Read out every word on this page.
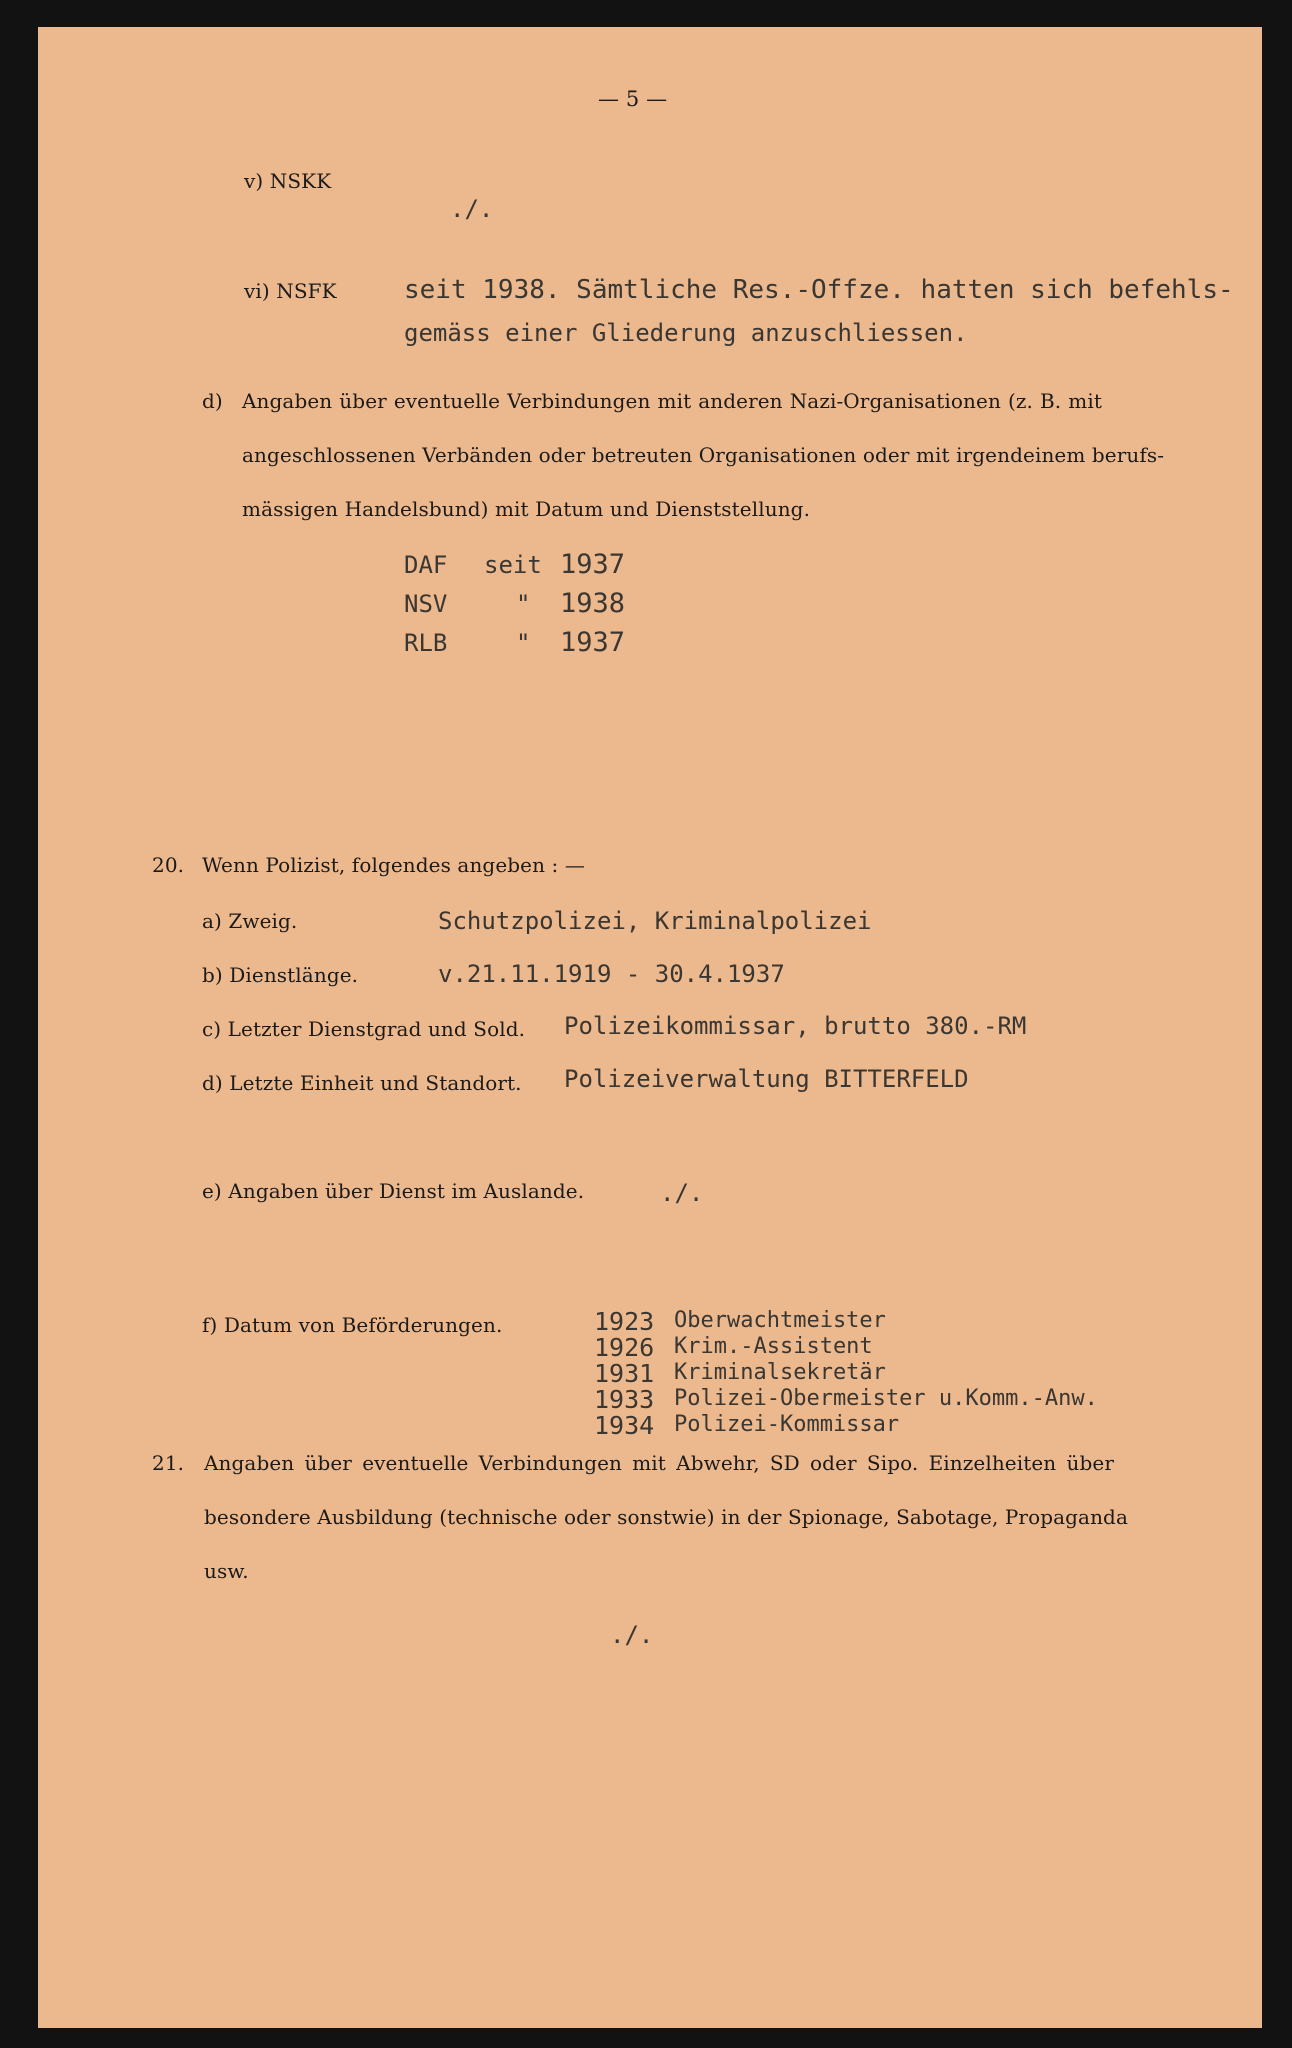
— 5 —
v) NSKK
./.
vi) NSFK	seit 1938. Sämtliche Res.-Offze. hatten sich befehls-
gemäss einer Gliederung anzuschliessen.
d) Angaben über eventuelle Verbindungen mit anderen Nazi-Organisationen (z. B. mit
angeschlossenen Verbänden oder betreuten Organisationen oder mit irgendeinem berufs-
mässigen Handelsbund) mit Datum und Dienststellung.
DAF seit 1937
NSV	" 1938
RLB	" 1937
20. Wenn Polizist, folgendes angeben : —
a) Zweig.	Schutzpolizei, Kriminalpolizei
b) Dienstlänge.	v.21.11.1919 - 30.4.1937
c) Letzter Dienstgrad und Sold. Polizeikommissar, brutto 380.-RM
d) Letzte Einheit und Standort. Polizeiverwaltung BITTERFELD
e) Angaben über Dienst im Auslande.	./.
f) Datum von Beförderungen.	1923 Oberwachtmeister
1926 Krim.-Assistent
1931 Kriminalsekretär
1933 Polizei-Obermeister u.Komm.-Anw.
1934 Polizei-Kommissar
21. Angaben über eventuelle Verbindungen mit Abwehr, SD oder Sipo. Einzelheiten über
besondere Ausbildung (technische oder sonstwie) in der Spionage, Sabotage, Propaganda
usw.
./.
